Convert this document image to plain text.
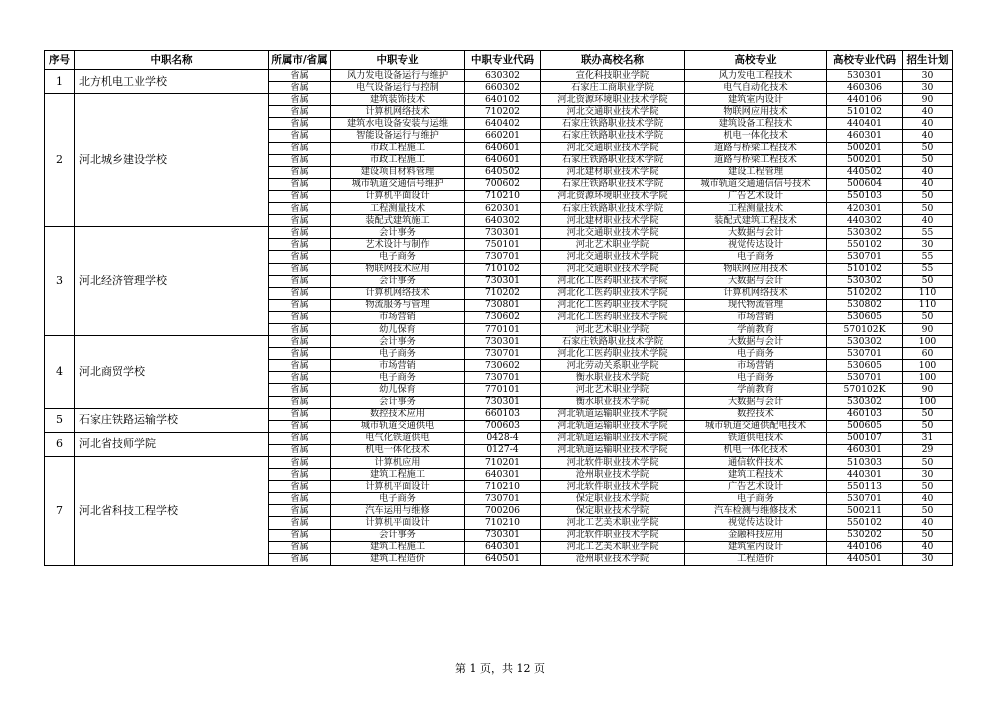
序号	中职名称	所属市/省属	中职专业	中职专业代码	联办高校名称	高校专业	高校专业代码	招生计划
1	北方机电工业学校	省属	风力发电设备运行与维护	630302	宣化科技职业学院	风力发电工程技术	530301	30
		省属	电气设备运行与控制	660302	石家庄工商职业学院	电气自动化技术	460306	30
2	河北城乡建设学校	省属	建筑装饰技术	640102	河北资源环境职业技术学院	建筑室内设计	440106	90
		省属	计算机网络技术	710202	河北交通职业技术学院	物联网应用技术	510102	40
		省属	建筑水电设备安装与运维	640402	石家庄铁路职业技术学院	建筑设备工程技术	440401	40
		省属	智能设备运行与维护	660201	石家庄铁路职业技术学院	机电一体化技术	460301	40
		省属	市政工程施工	640601	河北交通职业技术学院	道路与桥梁工程技术	500201	50
		省属	市政工程施工	640601	石家庄铁路职业技术学院	道路与桥梁工程技术	500201	50
		省属	建设项目材料管理	640502	河北建材职业技术学院	建设工程管理	440502	40
		省属	城市轨道交通信号维护	700602	石家庄铁路职业技术学院	城市轨道交通通信信号技术	500604	40
		省属	计算机平面设计	710210	河北资源环境职业技术学院	广告艺术设计	550103	50
		省属	工程测量技术	620301	石家庄铁路职业技术学院	工程测量技术	420301	50
		省属	装配式建筑施工	640302	河北建材职业技术学院	装配式建筑工程技术	440302	40
3	河北经济管理学校	省属	会计事务	730301	河北交通职业技术学院	大数据与会计	530302	55
		省属	艺术设计与制作	750101	河北艺术职业学院	视觉传达设计	550102	30
		省属	电子商务	730701	河北交通职业技术学院	电子商务	530701	55
		省属	物联网技术应用	710102	河北交通职业技术学院	物联网应用技术	510102	55
		省属	会计事务	730301	河北化工医药职业技术学院	大数据与会计	530302	50
		省属	计算机网络技术	710202	河北化工医药职业技术学院	计算机网络技术	510202	110
		省属	物流服务与管理	730801	河北化工医药职业技术学院	现代物流管理	530802	110
		省属	市场营销	730602	河北化工医药职业技术学院	市场营销	530605	50
		省属	幼儿保育	770101	河北艺术职业学院	学前教育	570102K	90
4	河北商贸学校	省属	会计事务	730301	石家庄铁路职业技术学院	大数据与会计	530302	100
		省属	电子商务	730701	河北化工医药职业技术学院	电子商务	530701	60
		省属	市场营销	730602	河北劳动关系职业学院	市场营销	530605	100
		省属	电子商务	730701	衡水职业技术学院	电子商务	530701	100
		省属	幼儿保育	770101	河北艺术职业学院	学前教育	570102K	90
		省属	会计事务	730301	衡水职业技术学院	大数据与会计	530302	100
5	石家庄铁路运输学校	省属	数控技术应用	660103	河北轨道运输职业技术学院	数控技术	460103	50
		省属	城市轨道交通供电	700603	河北轨道运输职业技术学院	城市轨道交通供配电技术	500605	50
6	河北省技师学院	省属	电气化铁道供电	0428-4	河北轨道运输职业技术学院	铁道供电技术	500107	31
		省属	机电一体化技术	0127-4	河北轨道运输职业技术学院	机电一体化技术	460301	29
7	河北省科技工程学校	省属	计算机应用	710201	河北软件职业技术学院	通信软件技术	510303	50
		省属	建筑工程施工	640301	沧州职业技术学院	建筑工程技术	440301	30
		省属	计算机平面设计	710210	河北软件职业技术学院	广告艺术设计	550113	50
		省属	电子商务	730701	保定职业技术学院	电子商务	530701	40
		省属	汽车运用与维修	700206	保定职业技术学院	汽车检测与维修技术	500211	50
		省属	计算机平面设计	710210	河北工艺美术职业学院	视觉传达设计	550102	40
		省属	会计事务	730301	河北软件职业技术学院	金融科技应用	530202	50
		省属	建筑工程施工	640301	河北工艺美术职业学院	建筑室内设计	440106	40
		省属	建筑工程造价	640501	沧州职业技术学院	工程造价	440501	30
第 1 页，共 12 页
